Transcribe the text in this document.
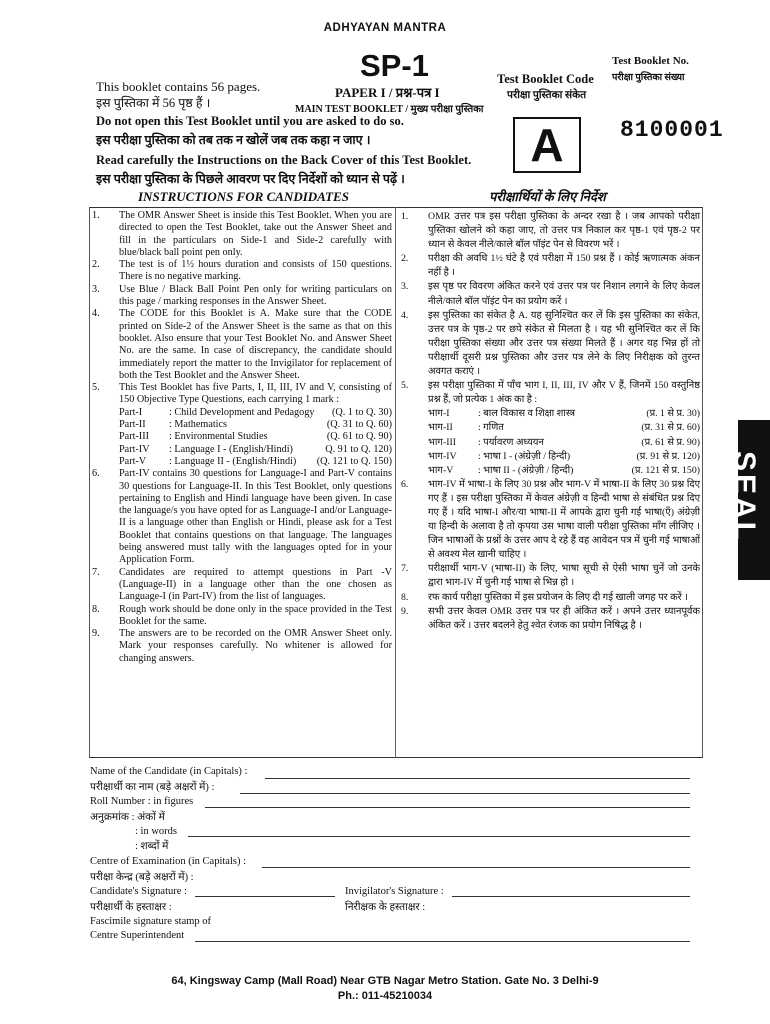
ADHYAYAN MANTRA
SP-1
PAPER I / प्रश्न-पत्र I
MAIN TEST BOOKLET / मुख्य परीक्षा पुस्तिका
This booklet contains 56 pages.
इस पुस्तिका में 56 पृष्ठ हैं ।
Test Booklet Code
परीक्षा पुस्तिका संकेत
A
Test Booklet No.
परीक्षा पुस्तिका संख्या
8100001
Do not open this Test Booklet until you are asked to do so.
इस परीक्षा पुस्तिका को तब तक न खोलें जब तक कहा न जाए ।
Read carefully the Instructions on the Back Cover of this Test Booklet.
इस परीक्षा पुस्तिका के पिछले आवरण पर दिए निर्देशों को ध्यान से पढ़ें ।
INSTRUCTIONS FOR CANDIDATES	परीक्षार्थियों के लिए निर्देश
1.	The OMR Answer Sheet is inside this Test Booklet. When you are directed to open the Test Booklet, take out the Answer Sheet and fill in the particulars on Side-1 and Side-2 carefully with blue/black ball point pen only.
2.	The test is of 1½ hours duration and consists of 150 questions. There is no negative marking.
3.	Use Blue / Black Ball Point Pen only for writing particulars on this page / marking responses in the Answer Sheet.
4.	The CODE for this Booklet is A. Make sure that the CODE printed on Side-2 of the Answer Sheet is the same as that on this booklet. Also ensure that your Test Booklet No. and Answer Sheet No. are the same. In case of discrepancy, the candidate should immediately report the matter to the Invigilator for replacement of both the Test Booklet and the Answer Sheet.
5.	This Test Booklet has five Parts, I, II, III, IV and V, consisting of 150 Objective Type Questions, each carrying 1 mark :
Part-I	: Child Development and Pedagogy	(Q. 1 to Q. 30)
Part-II	: Mathematics	(Q. 31 to Q. 60)
Part-III	: Environmental Studies	(Q. 61 to Q. 90)
Part-IV	: Language I - (English/Hindi)	Q. 91 to Q. 120)
Part-V	: Language II - (English/Hindi)	(Q. 121 to Q. 150)
6.	Part-IV contains 30 questions for Language-I and Part-V contains 30 questions for Language-II. In this Test Booklet, only questions pertaining to English and Hindi language have been given. In case the language/s you have opted for as Language-I and/or Language-II is a language other than English or Hindi, please ask for a Test Booklet that contains questions on that language. The languages being answered must tally with the languages opted for in your Application Form.
7.	Candidates are required to attempt questions in Part -V (Language-II) in a language other than the one chosen as Language-I (in Part-IV) from the list of languages.
8.	Rough work should be done only in the space provided in the Test Booklet for the same.
9.	The answers are to be recorded on the OMR Answer Sheet only. Mark your responses carefully. No whitener is allowed for changing answers.
1.	OMR उत्तर पत्र इस परीक्षा पुस्तिका के अन्दर रखा है । जब आपको परीक्षा पुस्तिका खोलने को कहा जाए, तो उत्तर पत्र निकाल कर पृष्ठ-1 एवं पृष्ठ-2 पर ध्यान से केवल नीले/काले बॉल पॉइंट पेन से विवरण भरें ।
2.	परीक्षा की अवधि 1½ घंटे है एवं परीक्षा में 150 प्रश्न हैं । कोई ऋणात्मक अंकन नहीं है ।
3.	इस पृष्ठ पर विवरण अंकित करने एवं उत्तर पत्र पर निशान लगाने के लिए केवल नीले/काले बॉल पॉइंट पेन का प्रयोग करें ।
4.	इस पुस्तिका का संकेत है A. यह सुनिश्चित कर लें कि इस पुस्तिका का संकेत, उत्तर पत्र के पृष्ठ-2 पर छपे संकेत से मिलता है । यह भी सुनिश्चित कर लें कि परीक्षा पुस्तिका संख्या और उत्तर पत्र संख्या मिलते हैं । अगर यह भिन्न हों तो परीक्षार्थी दूसरी प्रश्न पुस्तिका और उत्तर पत्र लेने के लिए निरीक्षक को तुरन्त अवगत कराएं ।
5.	इस परीक्षा पुस्तिका में पाँच भाग I, II, III, IV और V हैं, जिनमें 150 वस्तुनिष्ठ प्रश्न हैं, जो प्रत्येक 1 अंक का है :
भाग-I	: बाल विकास व शिक्षा शास्त्र	(प्र. 1 से प्र. 30)
भाग-II	: गणित	(प्र. 31 से प्र. 60)
भाग-III	: पर्यावरण अध्ययन	(प्र. 61 से प्र. 90)
भाग-IV	: भाषा I - (अंग्रेज़ी / हिन्दी)	(प्र. 91 से प्र. 120)
भाग-V	: भाषा II - (अंग्रेज़ी / हिन्दी)	(प्र. 121 से प्र. 150)
6.	भाग-IV में भाषा-I के लिए 30 प्रश्न और भाग-V में भाषा-II के लिए 30 प्रश्न दिए गए हैं । इस परीक्षा पुस्तिका में केवल अंग्रेज़ी व हिन्दी भाषा से संबंधित प्रश्न दिए गए हैं । यदि भाषा-I और/या भाषा-II में आपके द्वारा चुनी गई भाषा(एँ) अंग्रेज़ी या हिन्दी के अलावा है तो कृपया उस भाषा वाली परीक्षा पुस्तिका माँग लीजिए । जिन भाषाओं के प्रश्नों के उत्तर आप दे रहे हैं वह आवेदन पत्र में चुनी गई भाषाओं से अवश्य मेल खानी चाहिए ।
7.	परीक्षार्थी भाग-V (भाषा-II) के लिए, भाषा सूची से ऐसी भाषा चुनें जो उनके द्वारा भाग-IV में चुनी गई भाषा से भिन्न हो ।
8.	रफ कार्य परीक्षा पुस्तिका में इस प्रयोजन के लिए दी गई खाली जगह पर करें ।
9.	सभी उत्तर केवल OMR उत्तर पत्र पर ही अंकित करें । अपने उत्तर ध्यानपूर्वक अंकित करें । उत्तर बदलने हेतु श्वेत रंजक का प्रयोग निषिद्ध है ।
SEAL
Name of the Candidate (in Capitals) :
परीक्षार्थी का नाम (बड़े अक्षरों में) :
Roll Number : in figures
अनुक्रमांक : अंकों में
: in words
: शब्दों में
Centre of Examination (in Capitals) :
परीक्षा केन्द्र (बड़े अक्षरों में) :
Candidate's Signature :
परीक्षार्थी के हस्ताक्षर :
Invigilator's Signature :
निरीक्षक के हस्ताक्षर :
Fascimile signature stamp of
Centre Superintendent
64, Kingsway Camp (Mall Road) Near GTB Nagar Metro Station. Gate No. 3 Delhi-9
Ph.: 011-45210034
